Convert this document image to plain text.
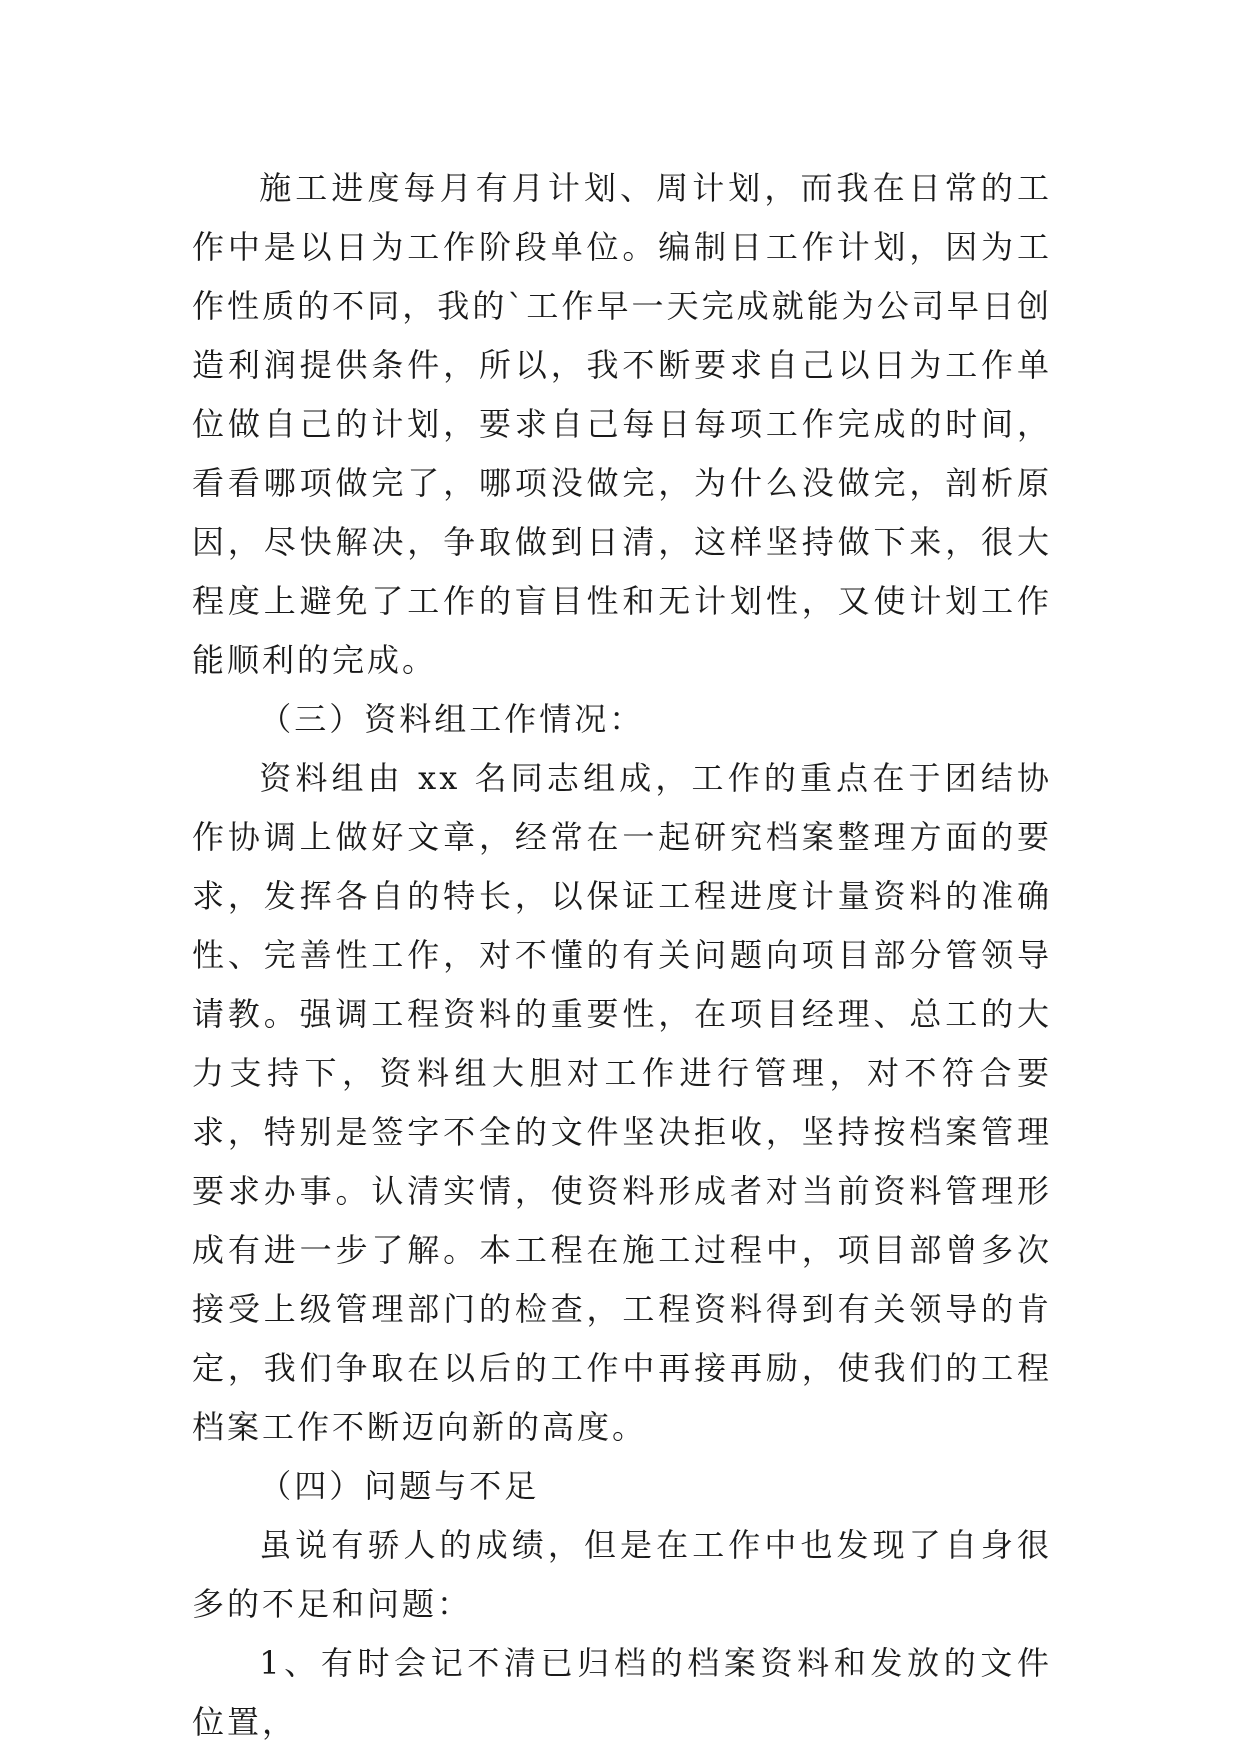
施工进度每月有月计划、周计划，而我在日常的工作中是以日为工作阶段单位。编制日工作计划，因为工作性质的不同，我的`工作早一天完成就能为公司早日创造利润提供条件，所以，我不断要求自己以日为工作单位做自己的计划，要求自己每日每项工作完成的时间，看看哪项做完了，哪项没做完，为什么没做完，剖析原因，尽快解决，争取做到日清，这样坚持做下来，很大程度上避免了工作的盲目性和无计划性，又使计划工作能顺利的完成。

（三）资料组工作情况：

资料组由 xx 名同志组成，工作的重点在于团结协作协调上做好文章，经常在一起研究档案整理方面的要求，发挥各自的特长，以保证工程进度计量资料的准确性、完善性工作，对不懂的有关问题向项目部分管领导请教。强调工程资料的重要性，在项目经理、总工的大力支持下，资料组大胆对工作进行管理，对不符合要求，特别是签字不全的文件坚决拒收，坚持按档案管理要求办事。认清实情，使资料形成者对当前资料管理形成有进一步了解。本工程在施工过程中，项目部曾多次接受上级管理部门的检查，工程资料得到有关领导的肯定，我们争取在以后的工作中再接再励，使我们的工程档案工作不断迈向新的高度。

（四）问题与不足

虽说有骄人的成绩，但是在工作中也发现了自身很多的不足和问题：

1、有时会记不清已归档的档案资料和发放的文件位置，
